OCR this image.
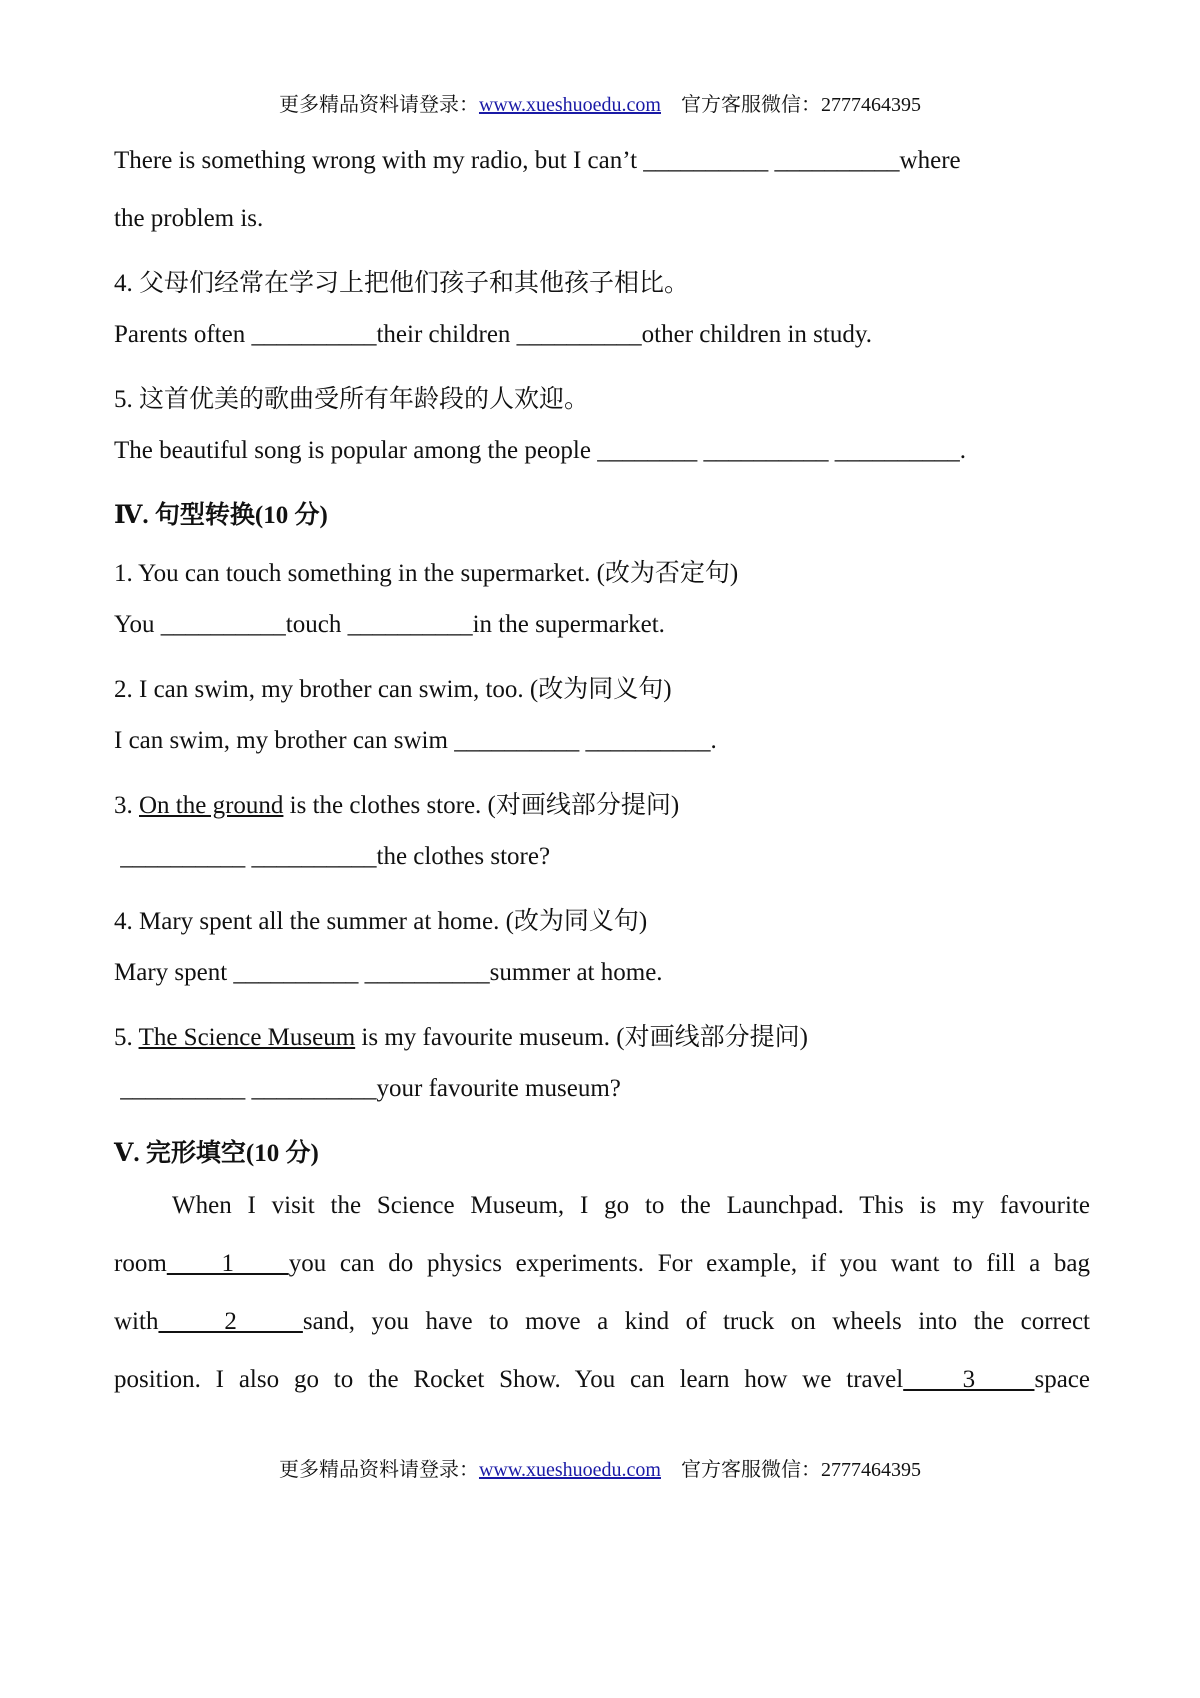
更多精品资料请登录：www.xueshuoedu.com    官方客服微信：2777464395
There is something wrong with my radio, but I can’t __________ __________where
the problem is.
4. 父母们经常在学习上把他们孩子和其他孩子相比。
Parents often __________their children __________other children in study.
5. 这首优美的歌曲受所有年龄段的人欢迎。
The beautiful song is popular among the people ________ __________ __________.
Ⅳ. 句型转换(10 分)
1. You can touch something in the supermarket. (改为否定句)
You __________touch __________in the supermarket.
2. I can swim, my brother can swim, too. (改为同义句)
I can swim, my brother can swim __________ __________.
3. On the ground is the clothes store. (对画线部分提问)
__________ __________the clothes store?
4. Mary spent all the summer at home. (改为同义句)
Mary spent __________ __________summer at home.
5. The Science Museum is my favourite museum. (对画线部分提问)
__________ __________your favourite museum?
Ⅴ. 完形填空(10 分)
When I visit the Science Museum, I go to the Launchpad. This is my favourite
room    1    you can do physics experiments. For example, if you want to fill a bag
with    2    sand, you have to move a kind of truck on wheels into the correct
position. I also go to the Rocket Show. You can learn how we travel    3    space
更多精品资料请登录：www.xueshuoedu.com    官方客服微信：2777464395
